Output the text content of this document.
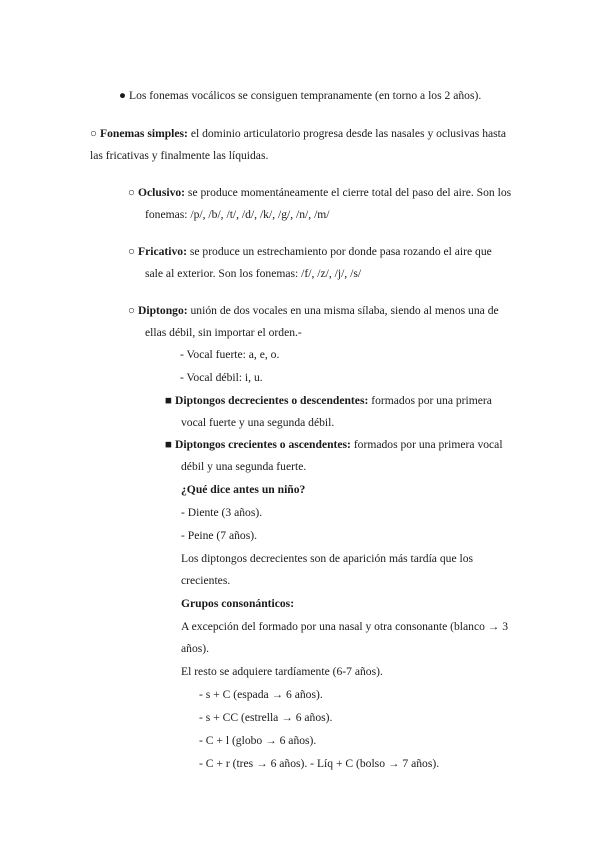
● Los fonemas vocálicos se consiguen tempranamente (en torno a los 2 años).
○ Fonemas simples: el dominio articulatorio progresa desde las nasales y oclusivas hasta
las fricativas y finalmente las líquidas.
○ Oclusivo: se produce momentáneamente el cierre total del paso del aire. Son los
fonemas: /p/, /b/, /t/, /d/, /k/, /g/, /n/, /m/
○ Fricativo: se produce un estrechamiento por donde pasa rozando el aire que
sale al exterior. Son los fonemas: /f/, /z/, /j/, /s/
○ Diptongo: unión de dos vocales en una misma sílaba, siendo al menos una de
ellas débil, sin importar el orden.-
- Vocal fuerte: a, e, o.
- Vocal débil: i, u.
■ Diptongos decrecientes o descendentes: formados por una primera
vocal fuerte y una segunda débil.
■ Diptongos crecientes o ascendentes: formados por una primera vocal
débil y una segunda fuerte.
¿Qué dice antes un niño?
- Diente (3 años).
- Peine (7 años).
Los diptongos decrecientes son de aparición más tardía que los
crecientes.
Grupos consonánticos:
A excepción del formado por una nasal y otra consonante (blanco → 3
años).
El resto se adquiere tardíamente (6-7 años).
- s + C (espada → 6 años).
- s + CC (estrella → 6 años).
- C + l (globo → 6 años).
- C + r (tres → 6 años). - Líq + C (bolso → 7 años).
